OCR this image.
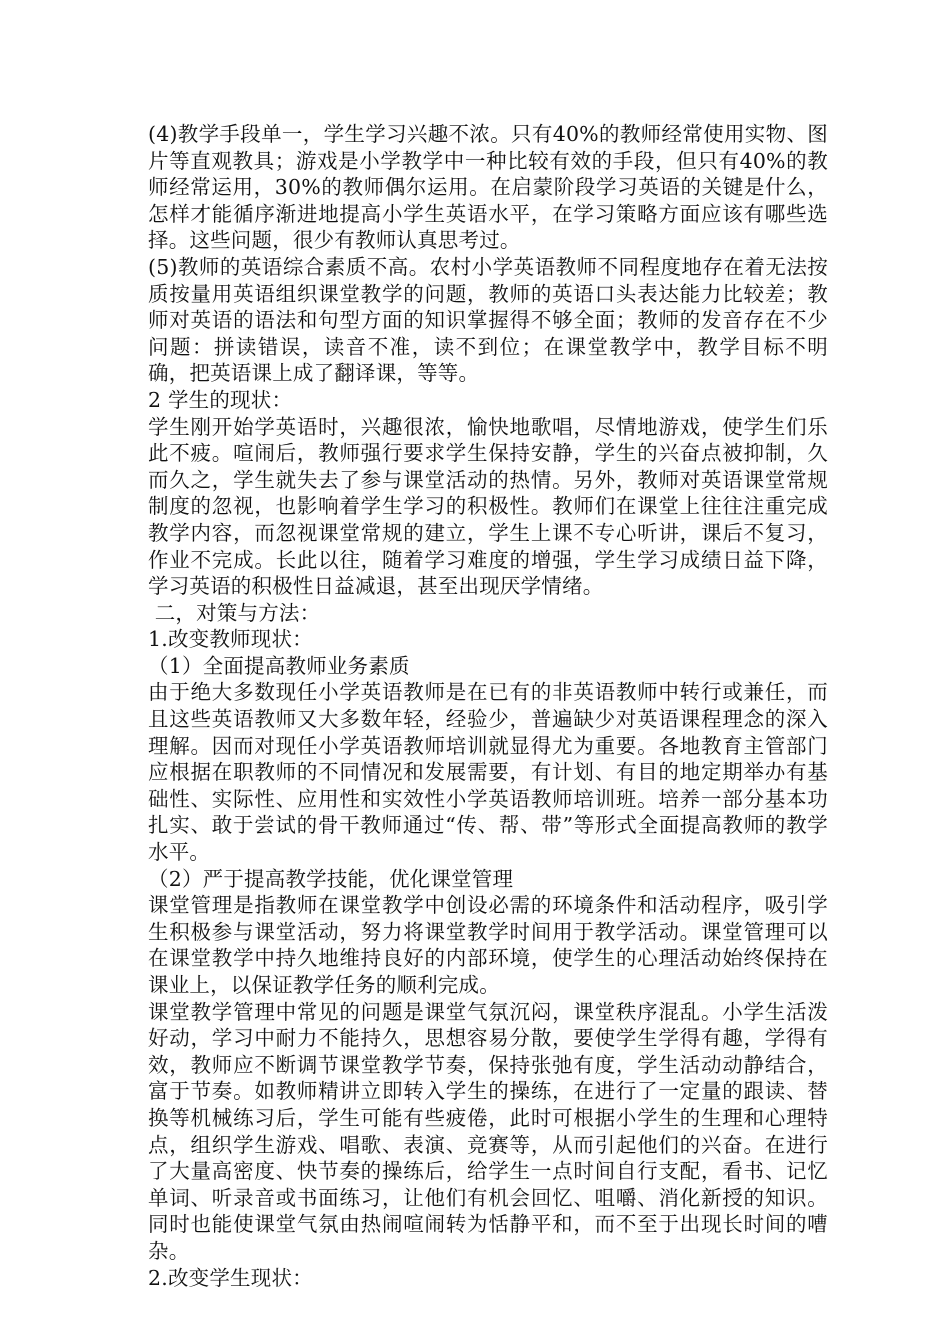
(4)教学手段单一，学生学习兴趣不浓。只有40%的教师经常使用实物、图片等直观教具；游戏是小学教学中一种比较有效的手段，但只有40%的教师经常运用，30%的教师偶尔运用。在启蒙阶段学习英语的关键是什么，怎样才能循序渐进地提高小学生英语水平，在学习策略方面应该有哪些选择。这些问题，很少有教师认真思考过。

(5)教师的英语综合素质不高。农村小学英语教师不同程度地存在着无法按质按量用英语组织课堂教学的问题，教师的英语口头表达能力比较差；教师对英语的语法和句型方面的知识掌握得不够全面；教师的发音存在不少问题：拼读错误，读音不准，读不到位；在课堂教学中，教学目标不明确，把英语课上成了翻译课，等等。

2 学生的现状：

学生刚开始学英语时，兴趣很浓，愉快地歌唱，尽情地游戏，使学生们乐此不疲。喧闹后，教师强行要求学生保持安静，学生的兴奋点被抑制，久而久之，学生就失去了参与课堂活动的热情。另外，教师对英语课堂常规制度的忽视，也影响着学生学习的积极性。教师们在课堂上往往注重完成教学内容，而忽视课堂常规的建立，学生上课不专心听讲，课后不复习，作业不完成。长此以往，随着学习难度的增强，学生学习成绩日益下降，学习英语的积极性日益减退，甚至出现厌学情绪。

二，对策与方法：

1.改变教师现状：

（1）全面提高教师业务素质

由于绝大多数现任小学英语教师是在已有的非英语教师中转行或兼任，而且这些英语教师又大多数年轻，经验少，普遍缺少对英语课程理念的深入理解。因而对现任小学英语教师培训就显得尤为重要。各地教育主管部门应根据在职教师的不同情况和发展需要，有计划、有目的地定期举办有基础性、实际性、应用性和实效性小学英语教师培训班。培养一部分基本功扎实、敢于尝试的骨干教师通过“传、帮、带”等形式全面提高教师的教学水平。

（2）严于提高教学技能，优化课堂管理

课堂管理是指教师在课堂教学中创设必需的环境条件和活动程序，吸引学生积极参与课堂活动，努力将课堂教学时间用于教学活动。课堂管理可以在课堂教学中持久地维持良好的内部环境，使学生的心理活动始终保持在课业上，以保证教学任务的顺利完成。

课堂教学管理中常见的问题是课堂气氛沉闷，课堂秩序混乱。小学生活泼好动，学习中耐力不能持久，思想容易分散，要使学生学得有趣，学得有效，教师应不断调节课堂教学节奏，保持张弛有度，学生活动动静结合，富于节奏。如教师精讲立即转入学生的操练，在进行了一定量的跟读、替换等机械练习后，学生可能有些疲倦，此时可根据小学生的生理和心理特点，组织学生游戏、唱歌、表演、竞赛等，从而引起他们的兴奋。在进行了大量高密度、快节奏的操练后，给学生一点时间自行支配，看书、记忆单词、听录音或书面练习，让他们有机会回忆、咀嚼、消化新授的知识。同时也能使课堂气氛由热闹喧闹转为恬静平和，而不至于出现长时间的嘈杂。

2.改变学生现状：
